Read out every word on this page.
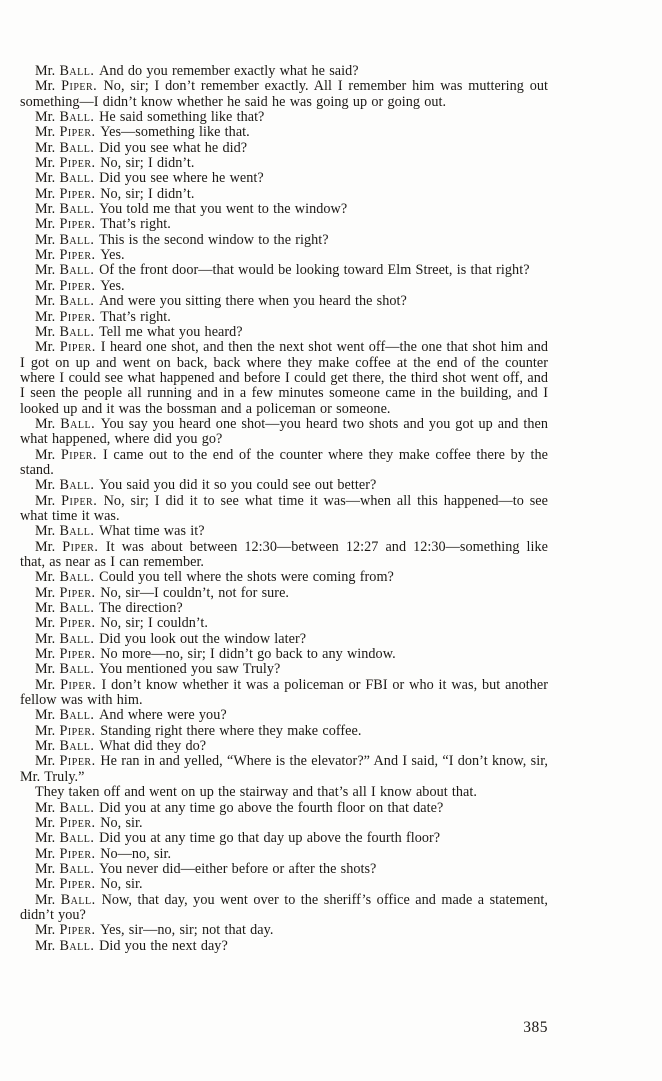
Mr. Ball. And do you remember exactly what he said?

Mr. Piper. No, sir; I don’t remember exactly. All I remember him was muttering out something—I didn’t know whether he said he was going up or going out.

Mr. Ball. He said something like that?

Mr. Piper. Yes—something like that.

Mr. Ball. Did you see what he did?

Mr. Piper. No, sir; I didn’t.

Mr. Ball. Did you see where he went?

Mr. Piper. No, sir; I didn’t.

Mr. Ball. You told me that you went to the window?

Mr. Piper. That’s right.

Mr. Ball. This is the second window to the right?

Mr. Piper. Yes.

Mr. Ball. Of the front door—that would be looking toward Elm Street, is that right?

Mr. Piper. Yes.

Mr. Ball. And were you sitting there when you heard the shot?

Mr. Piper. That’s right.

Mr. Ball. Tell me what you heard?

Mr. Piper. I heard one shot, and then the next shot went off—the one that shot him and I got on up and went on back, back where they make coffee at the end of the counter where I could see what happened and before I could get there, the third shot went off, and I seen the people all running and in a few minutes someone came in the building, and I looked up and it was the bossman and a policeman or someone.

Mr. Ball. You say you heard one shot—you heard two shots and you got up and then what happened, where did you go?

Mr. Piper. I came out to the end of the counter where they make coffee there by the stand.

Mr. Ball. You said you did it so you could see out better?

Mr. Piper. No, sir; I did it to see what time it was—when all this happened—to see what time it was.

Mr. Ball. What time was it?

Mr. Piper. It was about between 12:30—between 12:27 and 12:30—something like that, as near as I can remember.

Mr. Ball. Could you tell where the shots were coming from?

Mr. Piper. No, sir—I couldn’t, not for sure.

Mr. Ball. The direction?

Mr. Piper. No, sir; I couldn’t.

Mr. Ball. Did you look out the window later?

Mr. Piper. No more—no, sir; I didn’t go back to any window.

Mr. Ball. You mentioned you saw Truly?

Mr. Piper. I don’t know whether it was a policeman or FBI or who it was, but another fellow was with him.

Mr. Ball. And where were you?

Mr. Piper. Standing right there where they make coffee.

Mr. Ball. What did they do?

Mr. Piper. He ran in and yelled, “Where is the elevator?” And I said, “I don’t know, sir, Mr. Truly.”

They taken off and went on up the stairway and that’s all I know about that.

Mr. Ball. Did you at any time go above the fourth floor on that date?

Mr. Piper. No, sir.

Mr. Ball. Did you at any time go that day up above the fourth floor?

Mr. Piper. No—no, sir.

Mr. Ball. You never did—either before or after the shots?

Mr. Piper. No, sir.

Mr. Ball. Now, that day, you went over to the sheriff’s office and made a statement, didn’t you?

Mr. Piper. Yes, sir—no, sir; not that day.

Mr. Ball. Did you the next day?

385
